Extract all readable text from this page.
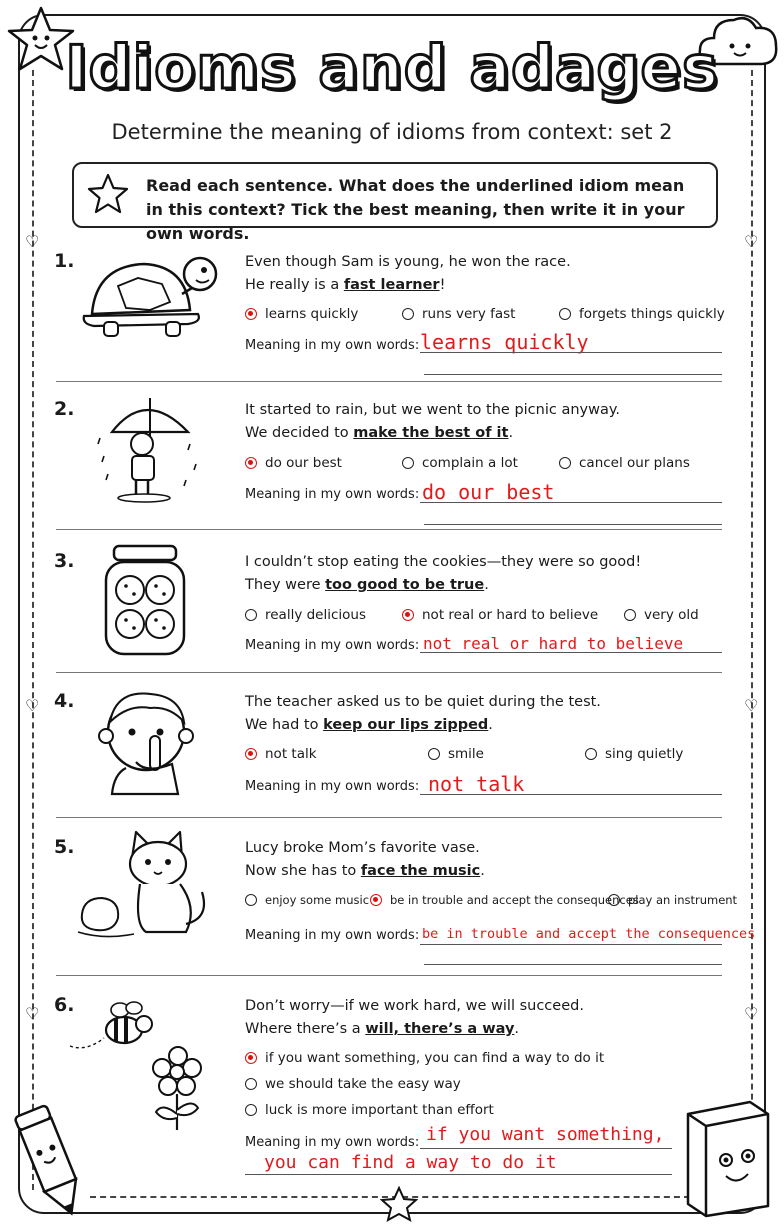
♡
♡
♡
♡
♡
♡
Idioms and adages
Determine the meaning of idioms from context: set 2
Read each sentence. What does the underlined idiom mean in this context? Tick the best meaning, then write it in your own words.
1.	Even though Sam is young, he won the race.
He really is a fast learner!
learns quickly	runs very fast	forgets things quickly
Meaning in my own words: learns quickly
2.	It started to rain, but we went to the picnic anyway.
We decided to make the best of it.
do our best	complain a lot	cancel our plans
Meaning in my own words: do our best
3.	I couldn’t stop eating the cookies—they were so good!
They were too good to be true.
really delicious	not real or hard to believe	very old
Meaning in my own words: not real or hard to believe
4.	The teacher asked us to be quiet during the test.
We had to keep our lips zipped.
not talk	smile	sing quietly
Meaning in my own words: not talk
5.	Lucy broke Mom’s favorite vase.
Now she has to face the music.
enjoy some music be in trouble and accept the consequences
play an instrument
Meaning in my own words: be in trouble and accept the consequences
6.	Don’t worry—if we work hard, we will succeed.
Where there’s a will, there’s a way.
if you want something, you can find a way to do it
we should take the easy way
luck is more important than effort
Meaning in my own words: if you want something,
you can find a way to do it
